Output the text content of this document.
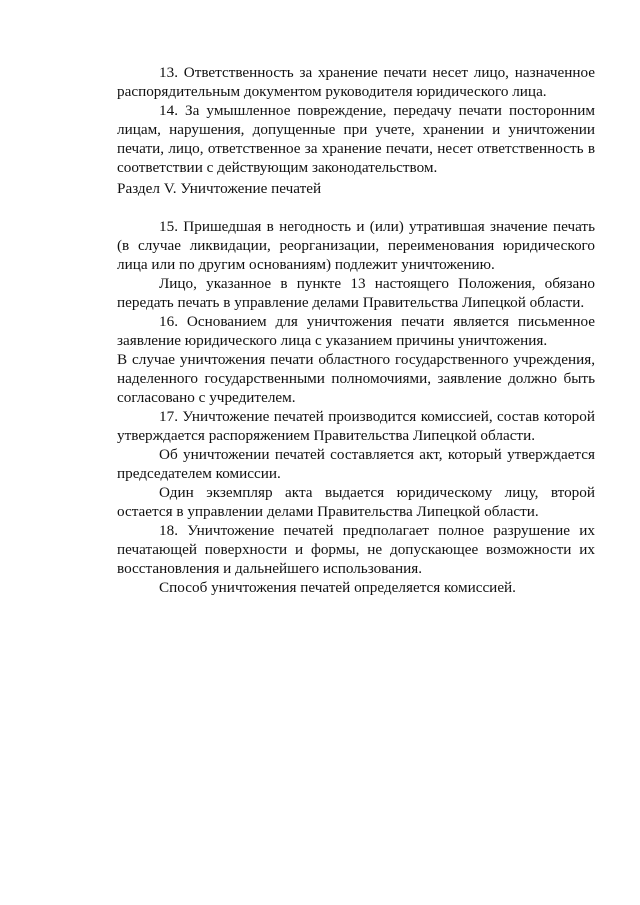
13. Ответственность за хранение печати несет лицо, назначенное распорядительным документом руководителя юридического лица.

14. За умышленное повреждение, передачу печати посторонним лицам, нарушения, допущенные при учете, хранении и уничтожении печати, лицо, ответственное за хранение печати, несет ответственность в соответствии с действующим законодательством.

Раздел V. Уничтожение печатей

15. Пришедшая в негодность и (или) утратившая значение печать (в случае ликвидации, реорганизации, переименования юридического лица или по другим основаниям) подлежит уничтожению.

Лицо, указанное в пункте 13 настоящего Положения, обязано передать печать в управление делами Правительства Липецкой области.

16. Основанием для уничтожения печати является письменное заявление юридического лица с указанием причины уничтожения.

В случае уничтожения печати областного государственного учреждения, наделенного государственными полномочиями, заявление должно быть согласовано с учредителем.

17. Уничтожение печатей производится комиссией, состав которой утверждается распоряжением Правительства Липецкой области.

Об уничтожении печатей составляется акт, который утверждается председателем комиссии.

Один экземпляр акта выдается юридическому лицу, второй остается в управлении делами Правительства Липецкой области.

18. Уничтожение печатей предполагает полное разрушение их печатающей поверхности и формы, не допускающее возможности их восстановления и дальнейшего использования.

Способ уничтожения печатей определяется комиссией.
